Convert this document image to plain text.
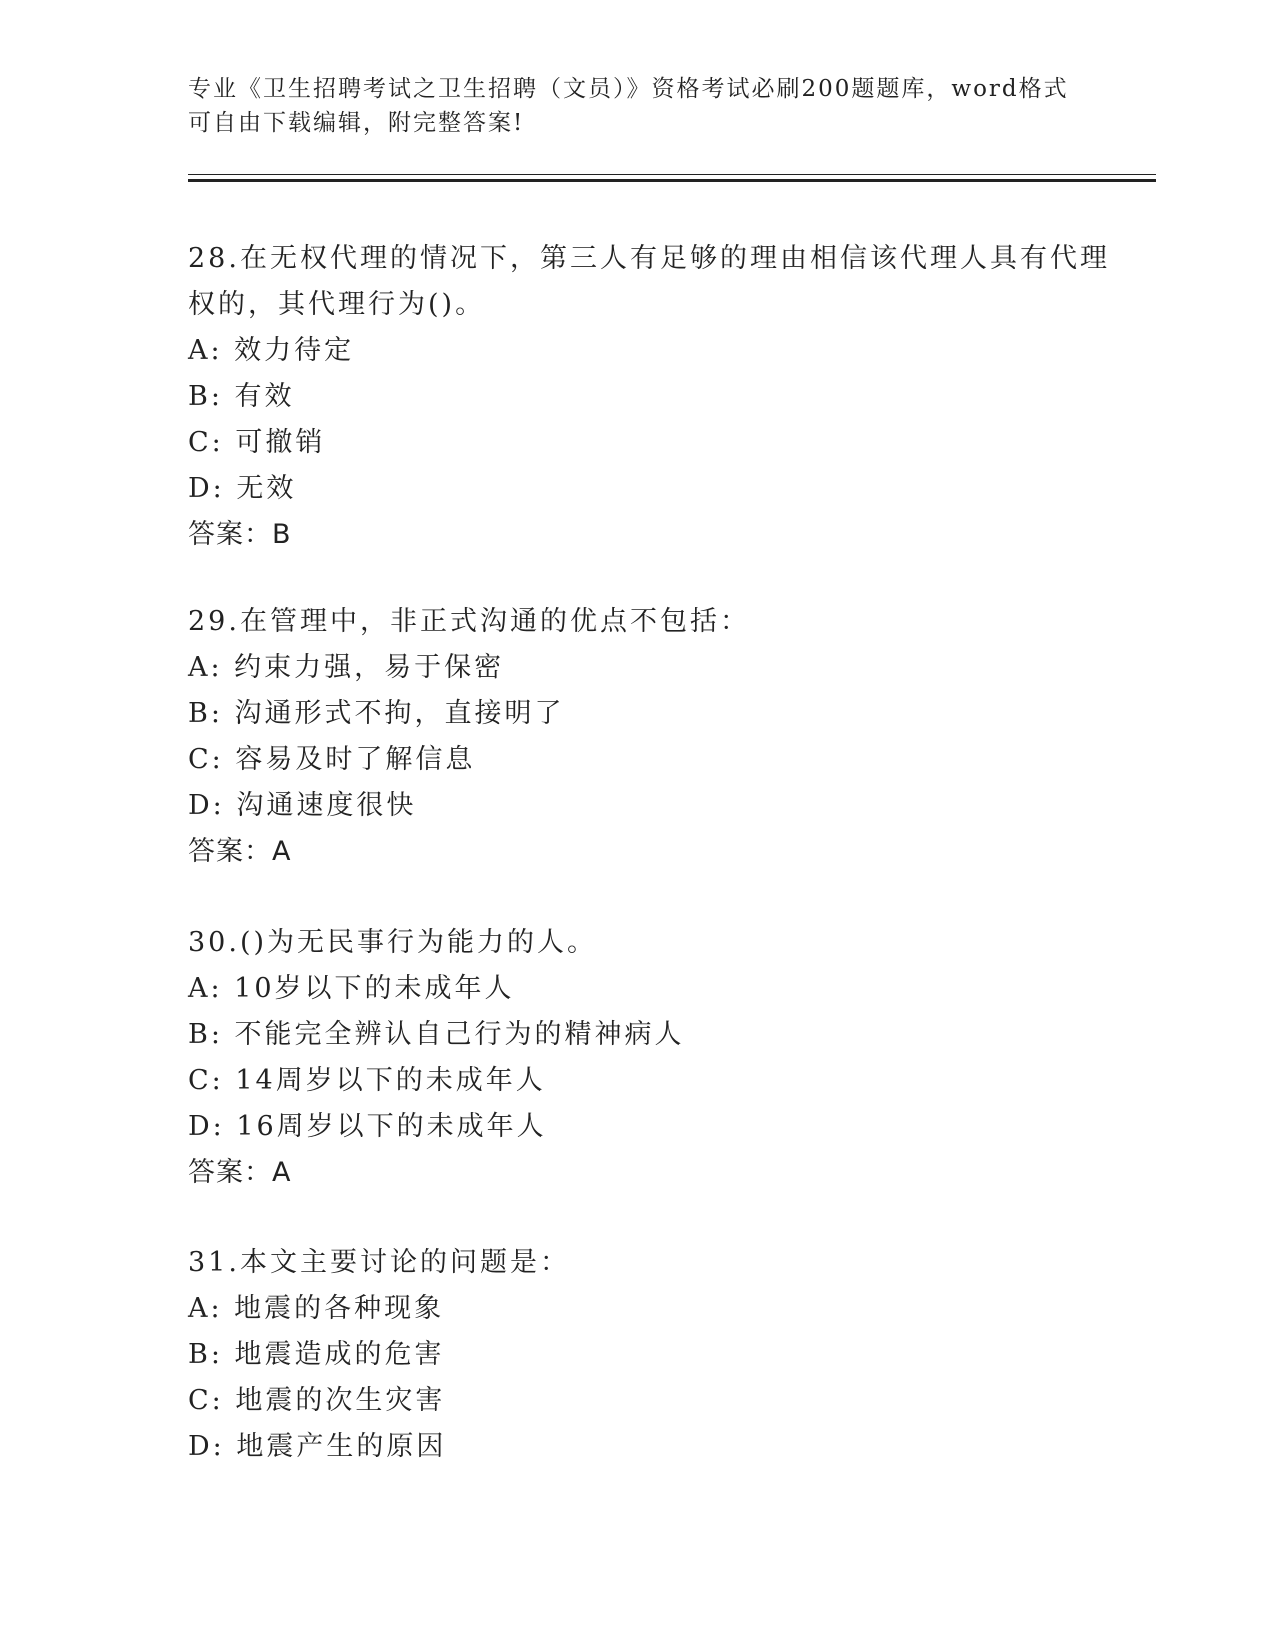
专业《卫生招聘考试之卫生招聘（文员）》资格考试必刷200题题库，word格式
可自由下载编辑，附完整答案!
28.在无权代理的情况下，第三人有足够的理由相信该代理人具有代理
权的，其代理行为()。
A: 效力待定
B: 有效
C: 可撤销
D: 无效
答案：B
29.在管理中，非正式沟通的优点不包括：
A: 约束力强，易于保密
B: 沟通形式不拘，直接明了
C: 容易及时了解信息
D: 沟通速度很快
答案：A
30.()为无民事行为能力的人。
A: 10岁以下的未成年人
B: 不能完全辨认自己行为的精神病人
C: 14周岁以下的未成年人
D: 16周岁以下的未成年人
答案：A
31.本文主要讨论的问题是：
A: 地震的各种现象
B: 地震造成的危害
C: 地震的次生灾害
D: 地震产生的原因
